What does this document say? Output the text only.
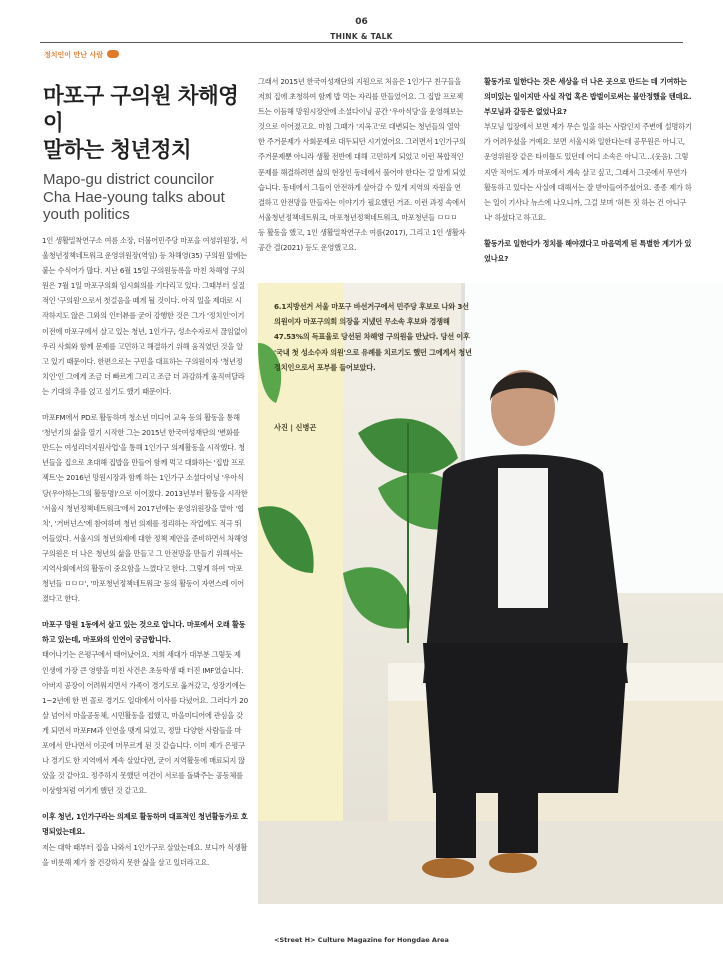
06
THINK & TALK
정치인이 만난 사람
마포구 구의원 차해영이
말하는 청년정치
Mapo-gu district councilor
Cha Hae-young talks about
youth politics

1인 생활밀착연구소 여름 소장, 더불어민주당 마포을 여성위원장, 서울청년정책네트워크 운영위원장(역임) 등 차해영(35) 구의원 앞에는 붙는 수식어가 많다. 지난 6월 15일 구의원등록을 마친 차해영 구의원은 7월 1일 마포구의회 임시회의를 기다리고 있다. 그때부터 실질적인 '구의원'으로서 첫걸음을 떼게 될 것이다. 아직 일을 제대로 시작하지도 않은 그와의 인터뷰를 굳이 강행한 것은 그가 '정치인'이기 이전에 마포구에서 살고 있는 청년, 1인가구, 성소수자로서 끊임없이 우리 사회와 함께 문제를 고민하고 해결하기 위해 움직였던 것을 알고 있기 때문이다. 한편으로는 구민을 대표하는 구의원이자 '청년정치인'인 그에게 조금 더 빠르게 그리고 조금 더 과감하게 움직여달라는 기대의 추를 얹고 싶기도 했기 때문이다.

마포FM에서 PD로 활동하며 청소년 미디어 교육 등의 활동을 통해 '청년기의 삶을 열기 시작한 그는 2015년 한국여성재단의 '변화를 만드는 여성리더지원사업'을 통해 1인가구 의제활동을 시작했다. 청년들을 집으로 초대해 집밥을 만들어 함께 먹고 대화하는 '집밥 프로젝트'는 2016년 망원시장과 함께 하는 1인가구 소셜다이닝 '우아식당(우아하는그의 활동명)'으로 이어졌다. 2013년부터 활동을 시작한 '서울시 청년정책네트워크'에서 2017년에는 운영위원장을 맡아 '협치', '거버넌스'에 참여하며 청년 의제를 정리하는 작업에도 적극 뛰어들었다. 서울시의 청년의제에 대한 정책 제안을 준비하면서 차해영 구의원은 더 나은 청년의 삶을 만들고 그 안전망을 만들기 위해서는 지역사회에서의 활동이 중요함을 느꼈다고 한다. 그렇게 하여 '마포청년들 ㅁㅁㅁ', '마포청년정책네트워크' 등의 활동이 자연스레 이어졌다고 한다.

마포구 망원 1동에서 살고 있는 것으로 압니다. 마포에서 오래 활동하고 있는데, 마포와의 인연이 궁금합니다.

태어나기는 은평구에서 태어났어요. 저희 세대가 대부분 그렇듯 제 인생에 가장 큰 영향을 미친 사건은 초등학생 때 터진 IMF였습니다. 아버지 공장이 어려워지면서 가족이 경기도로 옮겨갔고, 성장기에는 1~2년에 한 번 꼴로 경기도 일대에서 이사를 다녔어요. 그러다가 20살 넘어서 마을공동체, 시민활동을 접했고, 마을미디어에 관심을 갖게 되면서 마포FM과 인연을 맺게 되었고, 정말 다양한 사람들을 마포에서 만나면서 이곳에 머무르게 된 것 같습니다. 이미 제가 은평구나 경기도 한 지역에서 계속 살았다면, 굳이 지역활동에 매료되지 않았을 것 같아요. 정주하지 못했던 여건이 서로를 돌봐주는 공동체를 이상향처럼 여기게 했던 것 같고요.

이후 청년, 1인가구라는 의제로 활동하며 대표적인 청년활동가로 호명되었는데요.

저는 대학 때부터 집을 나와서 1인가구로 살았는데요. 보니까 식생활을 비롯해 제가 참 건강하지 못한 삶을 살고 있더라고요.

그래서 2015년 한국여성재단의 지원으로 처음은 1인가구 친구들을 저희 집에 초청하여 함께 밥 먹는 자리를 만들었어요. 그 집밥 프로젝트는 이듬해 망원시장안에 소셜다이닝 공간 '우아식당'을 운영해보는 것으로 이어졌고요. 마침 그때가 '지옥고'로 대변되는 청년들의 열악한 주거문제가 사회문제로 대두되던 시기였어요. 그러면서 1인가구의 주거문제뿐 아니라 생활 전반에 대해 고민하게 되었고 이런 복합적인 문제를 해결하려면 삶의 현장인 동네에서 풀어야 한다는 걸 알게 되었습니다. 동네에서 그들이 안전하게 살아갈 수 있게 지역의 자원을 연결하고 안전망을 만들자는 이야기가 필요했던 거죠. 이런 과정 속에서 서울청년정책네트워크, 마포청년정책네트워크, 마포청년들 ㅁㅁㅁ 등 활동을 했고, 1인 생활밀착연구소 여름(2017), 그리고 1인 생활자공간 결(2021) 등도 운영했고요.

활동가로 일한다는 것은 세상을 더 나은 곳으로 만드는 데 기여하는 의미있는 일이지만 사실 작업 혹은 밥벌이로써는 불안정했을 텐데요. 부모님과 갈등은 없었나요?

부모님 입장에서 보면 제가 무슨 일을 하는 사람인지 주변에 설명하기가 어려우셨을 거예요. 보면 서울시와 일한다는데 공무원은 아니고, 운영위원장 같은 타이틀도 있던데 어디 소속은 아니고…(웃음). 그렇지만 적어도 제가 마포에서 계속 살고 싶고, 그래서 그곳에서 무언가 활동하고 있다는 사실에 대해서는 잘 받아들여주셨어요. 종종 제가 하는 일이 기사나 뉴스에 나오니까, 그걸 보며 '허튼 짓 하는 건 아니구나' 하셨다고 하고요.

활동가로 일한다가 정치를 해야겠다고 마음먹게 된 특별한 계기가 있었나요?

6.1지방선거 서울 마포구 바선거구에서 민주당 후보로 나와 3선 의원이자 마포구의회 의장을 지냈던 무소속 후보와 경쟁해 47.53%의 득표율로 당선된 차해영 구의원을 만났다. 당선 이후 '국내 첫 성소수자 의원'으로 유례를 치르기도 했던 그에게서 청년 정치인으로서 포부를 들어보았다.
사진 | 신병곤
<Street H> Culture Magazine for Hongdae Area
